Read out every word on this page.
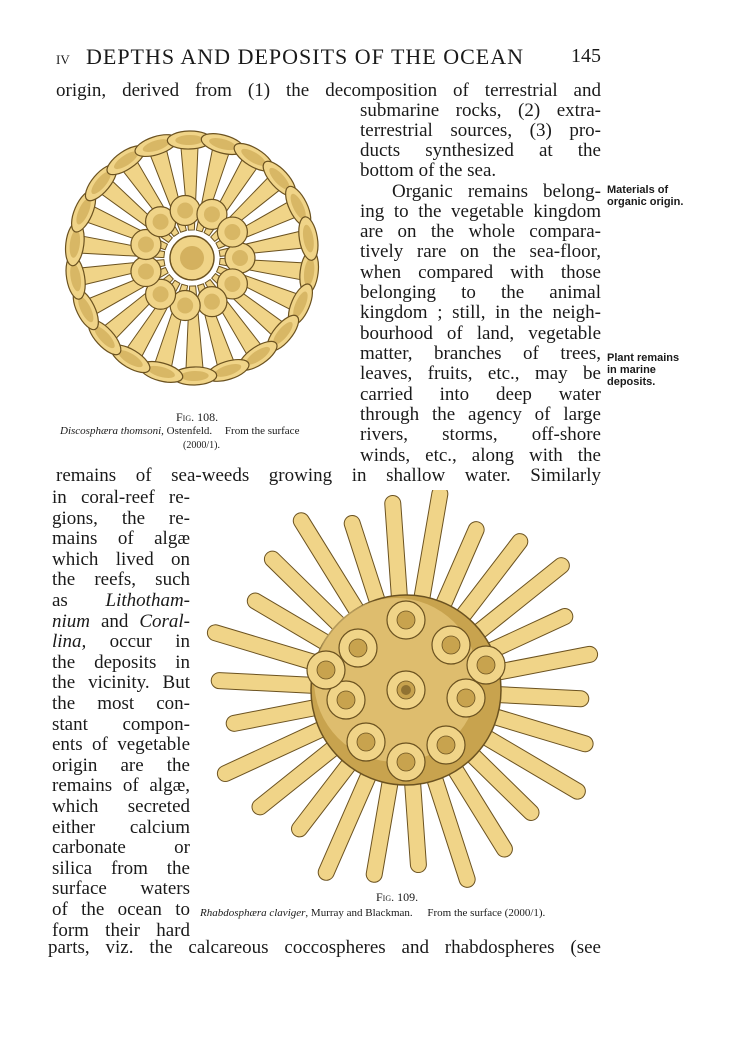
IV DEPTHS AND DEPOSITS OF THE OCEAN 145
origin, derived from (1) the decomposition of terrestrial and
submarine rocks, (2) extra-
terrestrial sources, (3) pro-
ducts synthesized at the
bottom of the sea.
Organic remains belong-
ing to the vegetable kingdom
are on the whole compara-
tively rare on the sea-floor,
when compared with those
belonging to the animal
kingdom ; still, in the neigh-
bourhood of land, vegetable
matter, branches of trees,
leaves, fruits, etc., may be
carried into deep water
through the agency of large
rivers, storms, off-shore
winds, etc., along with the
remains of sea-weeds growing in shallow water. Similarly
Materials of
organic origin.
Plant remains
in marine
deposits.
Fig. 108.
Discosphæra thomsoni, Ostenfeld. From the surface
(2000/1).
in coral-reef re-
gions, the re-
mains of algæ
which lived on
the reefs, such
as Lithotham-
nium and Coral-
lina, occur in
the deposits in
the vicinity. But
the most con-
stant compon-
ents of vegetable
origin are the
remains of algæ,
which secreted
either calcium
carbonate or
silica from the
surface waters
of the ocean to
form their hard
Fig. 109.
Rhabdosphæra claviger, Murray and Blackman. From the surface (2000/1).
parts, viz. the calcareous coccospheres and rhabdospheres (see
